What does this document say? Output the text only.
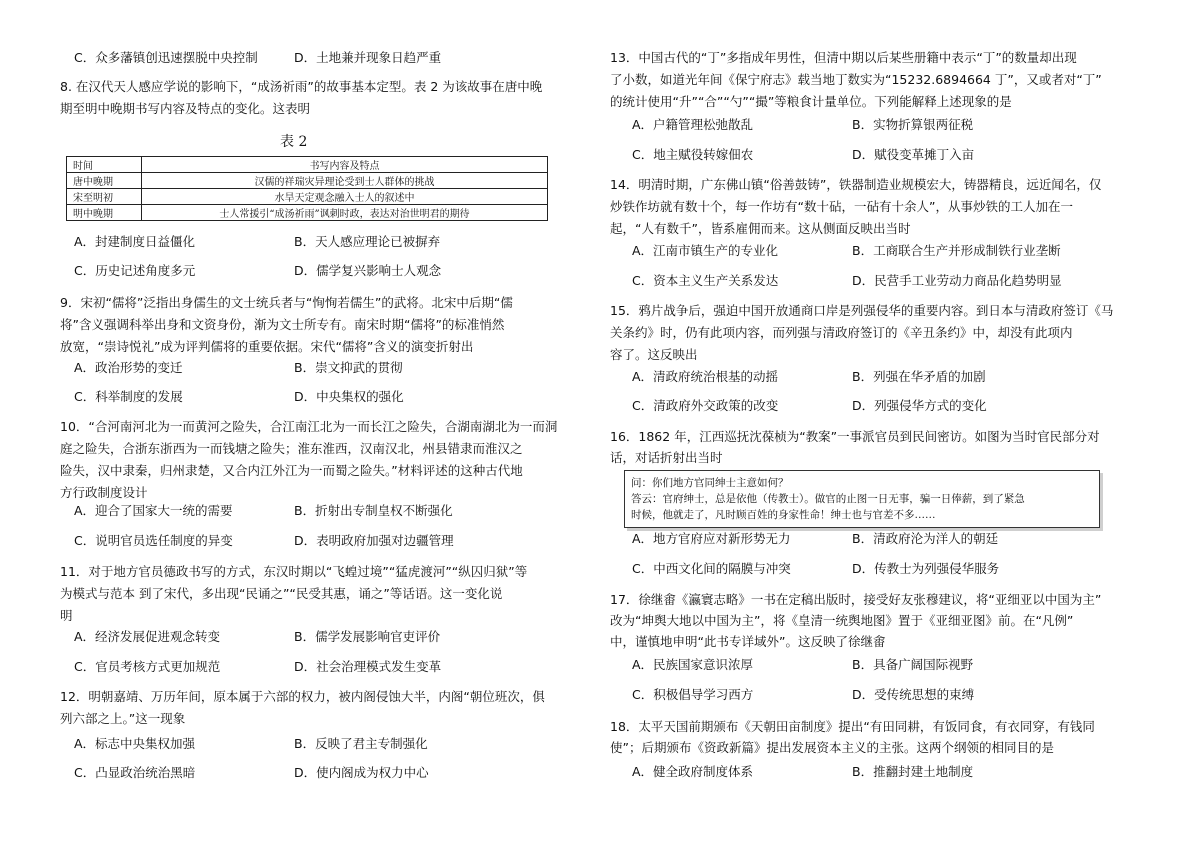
C．众多藩镇创迅速摆脱中央控制	D．土地兼并现象日趋严重
8. 在汉代天人感应学说的影响下，“成汤祈雨”的故事基本定型。表 2 为该故事在唐中晚
期至明中晚期书写内容及特点的变化。这表明
表 2
时间	书写内容及特点
唐中晚期	汉儒的祥瑞灾异理论受到士人群体的挑战
宋至明初	水旱天定观念融入士人的叙述中
明中晚期	士人常援引“成汤祈雨”讽刺时政，表达对治世明君的期待
A．封建制度日益僵化	B．天人感应理论已被摒弃
C．历史记述角度多元	D．儒学复兴影响士人观念
9．宋初“儒将”泛指出身儒生的文士统兵者与“恂恂若儒生”的武将。北宋中后期“儒
将”含义强调科举出身和文资身份，渐为文士所专有。南宋时期“儒将”的标准悄然
放宽，“崇诗悦礼”成为评判儒将的重要依据。宋代“儒将”含义的演变折射出
A．政治形势的变迁	B．崇文抑武的贯彻
C．科举制度的发展	D．中央集权的强化
10．“合河南河北为一而黄河之险失，合江南江北为一而长江之险失，合湖南湖北为一而洞
庭之险失，合浙东浙西为一而钱塘之险失；淮东淮西，汉南汉北，州县错隶而淮汉之
险失，汉中隶秦，归州隶楚，又合内江外江为一而蜀之险失。”材料评述的这种古代地
方行政制度设计
A．迎合了国家大一统的需要	B．折射出专制皇权不断强化
C．说明官员选任制度的异变	D．表明政府加强对边疆管理
11．对于地方官员德政书写的方式，东汉时期以“飞蝗过境”“猛虎渡河”“纵囚归狱”等
为模式与范本 到了宋代，多出现“民诵之”“民受其惠，诵之”等话语。这一变化说
明
A．经济发展促进观念转变	B．儒学发展影响官吏评价
C．官员考核方式更加规范	D．社会治理模式发生变革
12．明朝嘉靖、万历年间，原本属于六部的权力，被内阁侵蚀大半，内阁“朝位班次，俱
列六部之上。”这一现象
A．标志中央集权加强	B．反映了君主专制强化
C．凸显政治统治黑暗	D．使内阁成为权力中心
13．中国古代的“丁”多指成年男性，但清中期以后某些册籍中表示“丁”的数量却出现
了小数，如道光年间《保宁府志》载当地丁数实为“15232.6894664 丁”，又或者对“丁”
的统计使用“升”“合”“勺”“撮”等粮食计量单位。下列能解释上述现象的是
A．户籍管理松弛散乱	B．实物折算银两征税
C．地主赋役转嫁佃农	D．赋役变革摊丁入亩
14．明清时期，广东佛山镇“俗善鼓铸”，铁器制造业规模宏大，铸器精良，远近闻名，仅
炒铁作坊就有数十个，每一作坊有“数十砧，一砧有十余人”，从事炒铁的工人加在一
起，“人有数千”，皆系雇佣而来。这从侧面反映出当时
A．江南市镇生产的专业化	B．工商联合生产并形成制铁行业垄断
C．资本主义生产关系发达	D．民营手工业劳动力商品化趋势明显
15．鸦片战争后，强迫中国开放通商口岸是列强侵华的重要内容。到日本与清政府签订《马
关条约》时，仍有此项内容，而列强与清政府签订的《辛丑条约》中，却没有此项内
容了。这反映出
A．清政府统治根基的动摇	B．列强在华矛盾的加剧
C．清政府外交政策的改变	D．列强侵华方式的变化
16．1862 年，江西巡抚沈葆桢为“教案”一事派官员到民间密访。如图为当时官民部分对
话，对话折射出当时
问：你们地方官同绅士主意如何？
答云：官府绅士，总是依他（传教士）。做官的止图一日无事，骗一日俸薪，到了紧急
时候，他就走了，凡时顾百姓的身家性命！绅士也与官差不多……
A．地方官府应对新形势无力	B．清政府沦为洋人的朝廷
C．中西文化间的隔膜与冲突	D．传教士为列强侵华服务
17．徐继畬《瀛寰志略》一书在定稿出版时，接受好友张穆建议，将“亚细亚以中国为主”
改为“坤舆大地以中国为主”，将《皇清一统舆地图》置于《亚细亚图》前。在“凡例”
中，谨慎地申明“此书专详域外”。这反映了徐继畬
A．民族国家意识浓厚	B．具备广阔国际视野
C．积极倡导学习西方	D．受传统思想的束缚
18．太平天国前期颁布《天朝田亩制度》提出“有田同耕，有饭同食，有衣同穿，有钱同
使”；后期颁布《资政新篇》提出发展资本主义的主张。这两个纲领的相同目的是
A．健全政府制度体系	B．推翻封建土地制度
